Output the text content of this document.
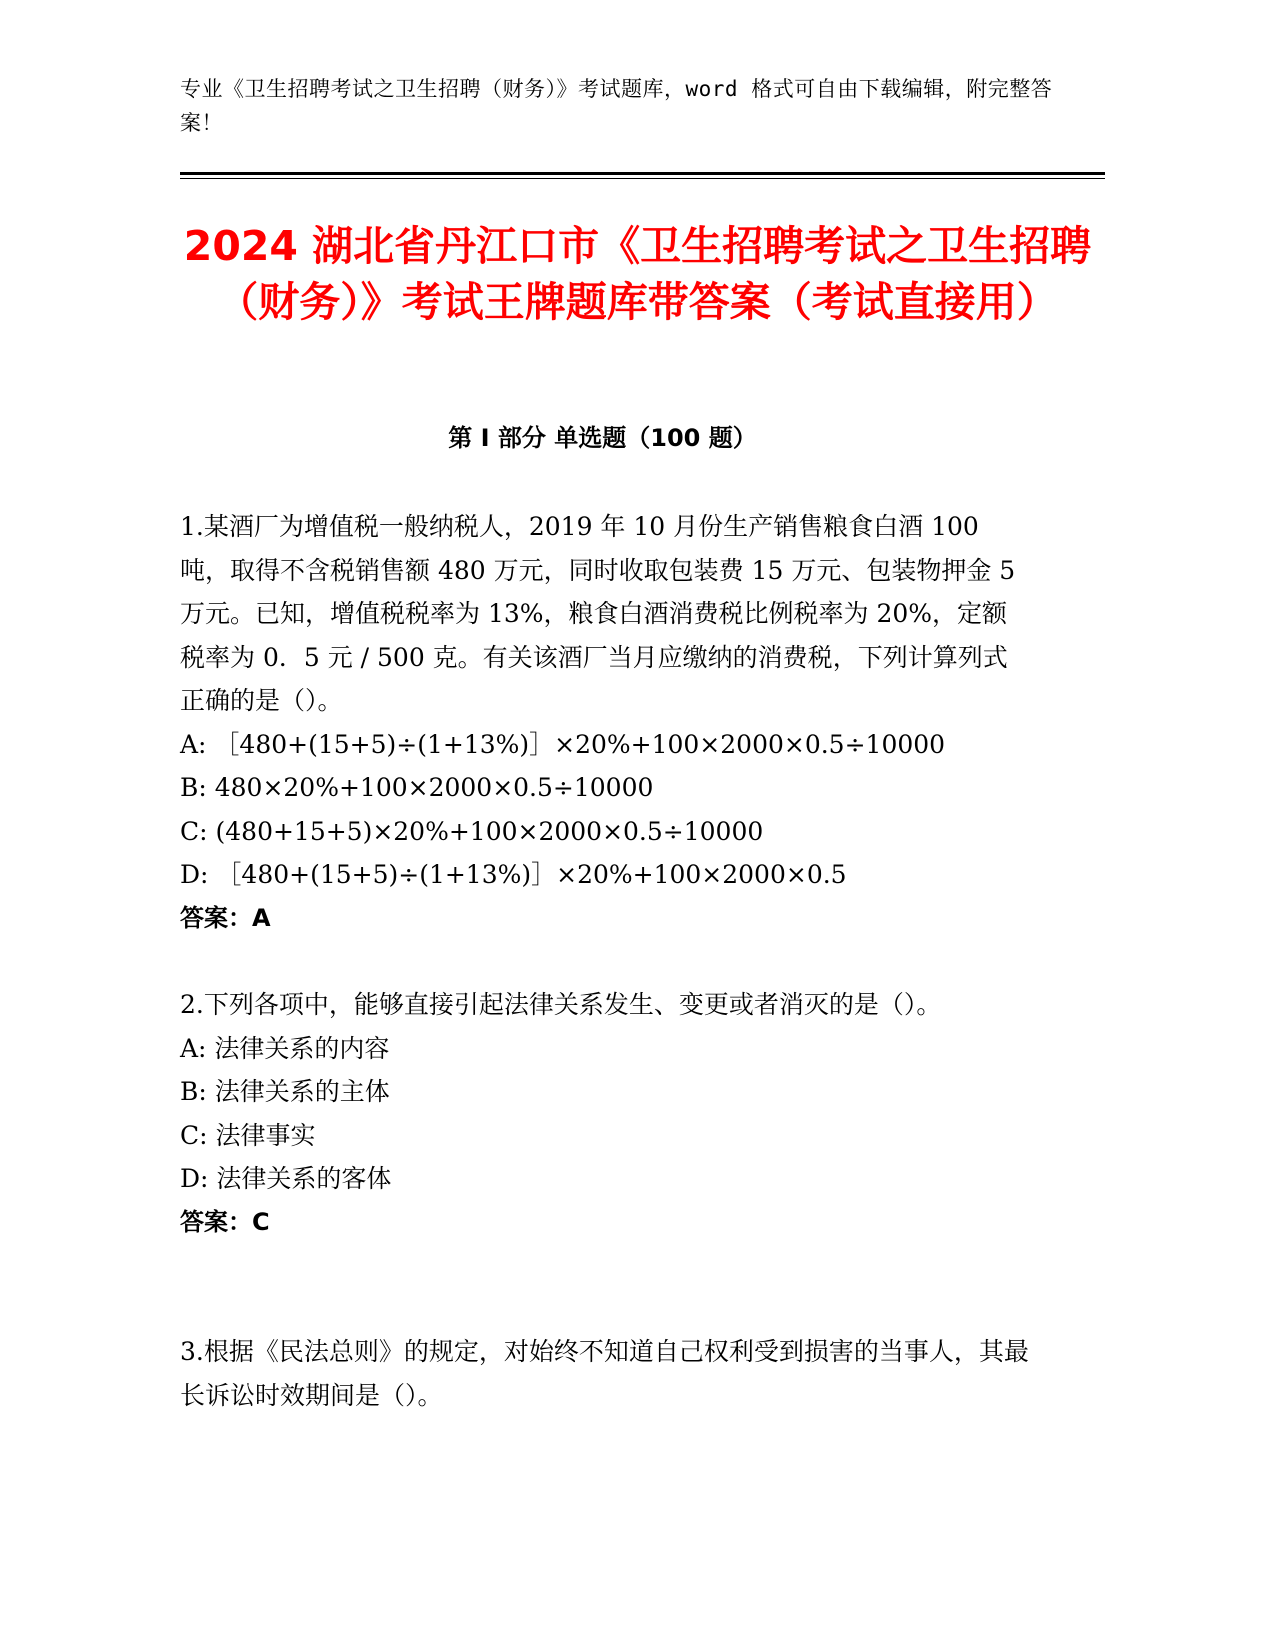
专业《卫生招聘考试之卫生招聘（财务）》考试题库，word 格式可自由下载编辑，附完整答案！
2024 湖北省丹江口市《卫生招聘考试之卫生招聘（财务）》考试王牌题库带答案（考试直接用）
第 I 部分 单选题（100 题）

1.某酒厂为增值税一般纳税人，2019 年 10 月份生产销售粮食白酒 100 吨，取得不含税销售额 480 万元，同时收取包装费 15 万元、包装物押金 5 万元。已知，增值税税率为 13%，粮食白酒消费税比例税率为 20%，定额税率为 0．5 元 / 500 克。有关该酒厂当月应缴纳的消费税，下列计算列式正确的是（）。

A: ［480+(15+5)÷(1+13%)］×20%+100×2000×0.5÷10000

B: 480×20%+100×2000×0.5÷10000

C: (480+15+5)×20%+100×2000×0.5÷10000

D: ［480+(15+5)÷(1+13%)］×20%+100×2000×0.5

答案：A

2.下列各项中，能够直接引起法律关系发生、变更或者消灭的是（）。

A: 法律关系的内容

B: 法律关系的主体

C: 法律事实

D: 法律关系的客体

答案：C

3.根据《民法总则》的规定，对始终不知道自己权利受到损害的当事人，其最长诉讼时效期间是（）。
